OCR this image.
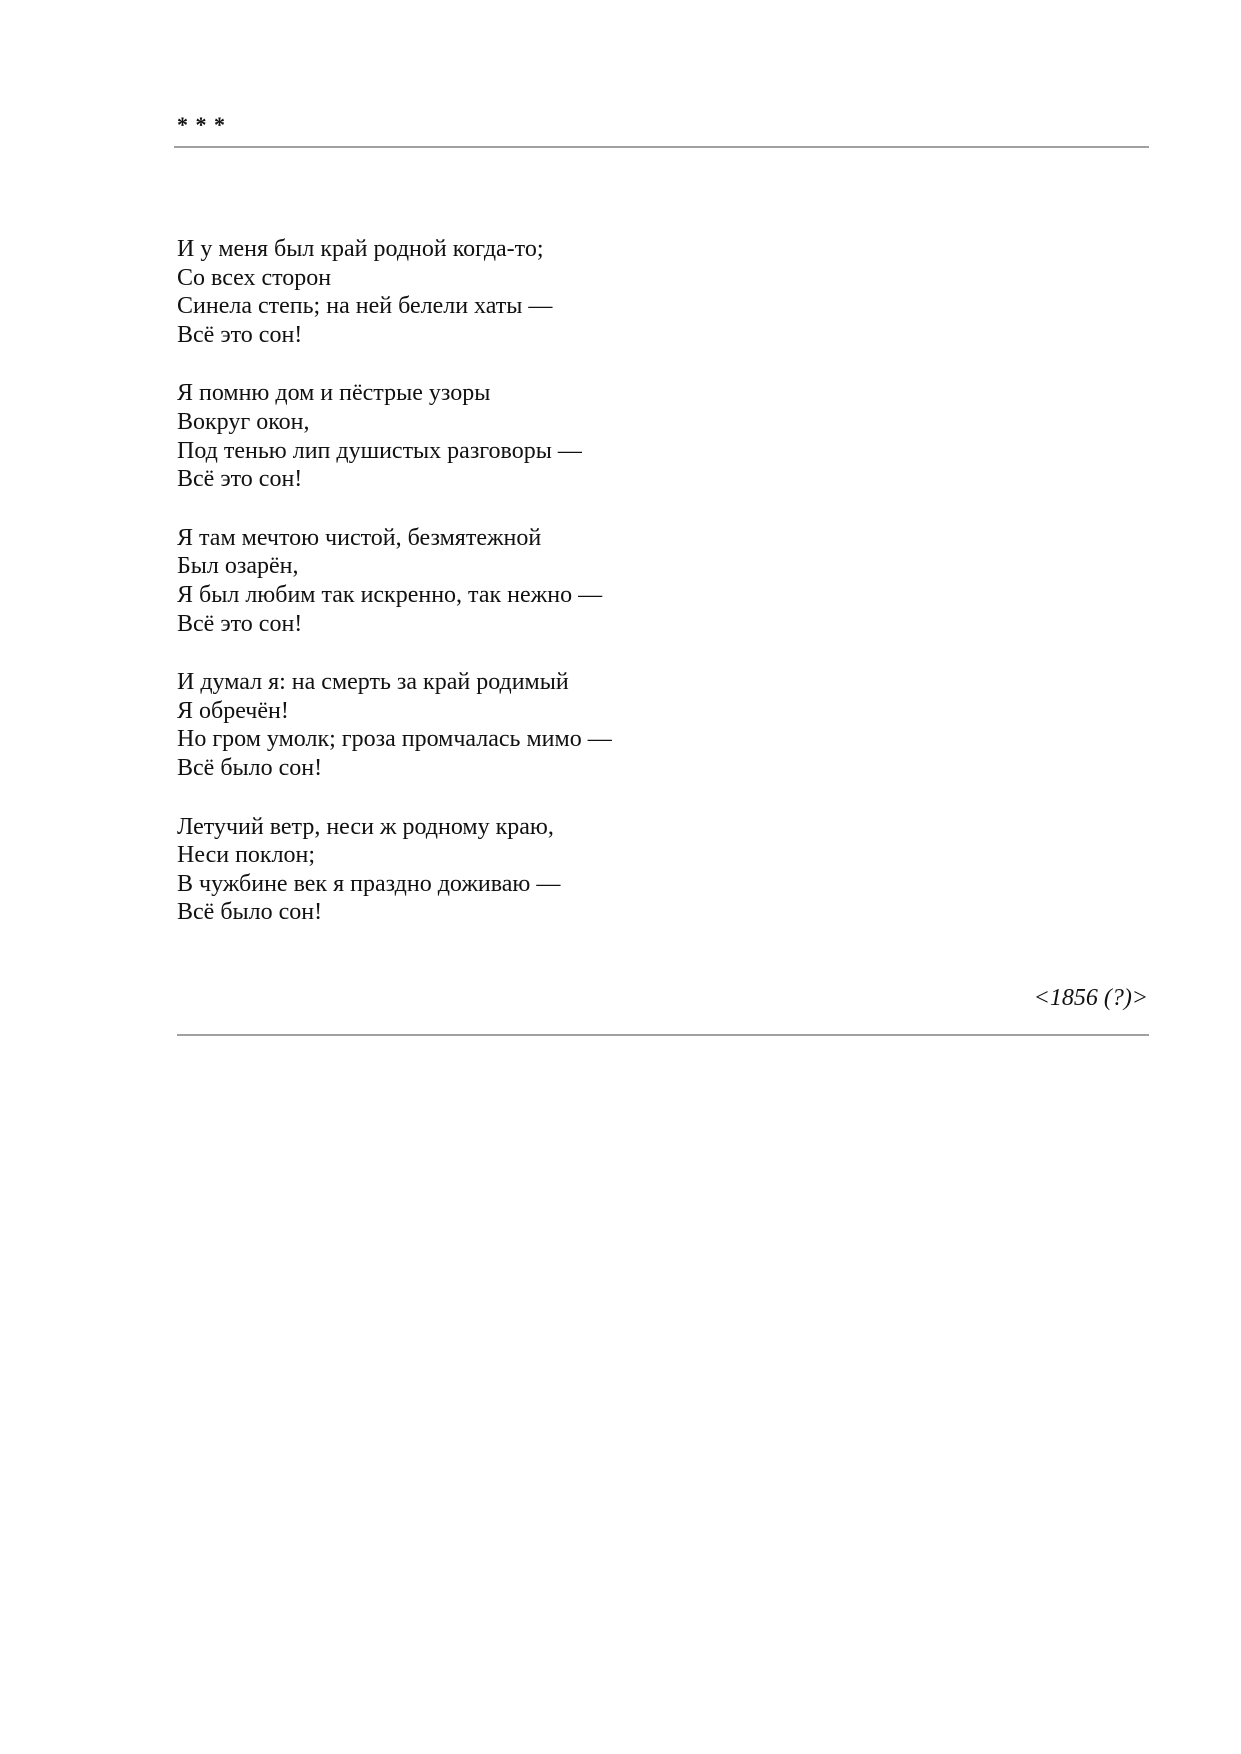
* * *
И у меня был край родной когда-то;
Со всех сторон
Синела степь; на ней белели хаты —
Всё это сон!
Я помню дом и пёстрые узоры
Вокруг окон,
Под тенью лип душистых разговоры —
Всё это сон!
Я там мечтою чистой, безмятежной
Был озарён,
Я был любим так искренно, так нежно —
Всё это сон!
И думал я: на смерть за край родимый
Я обречён!
Но гром умолк; гроза промчалась мимо —
Всё было сон!
Летучий ветр, неси ж родному краю,
Неси поклон;
В чужбине век я праздно доживаю —
Всё было сон!
<1856 (?)>
